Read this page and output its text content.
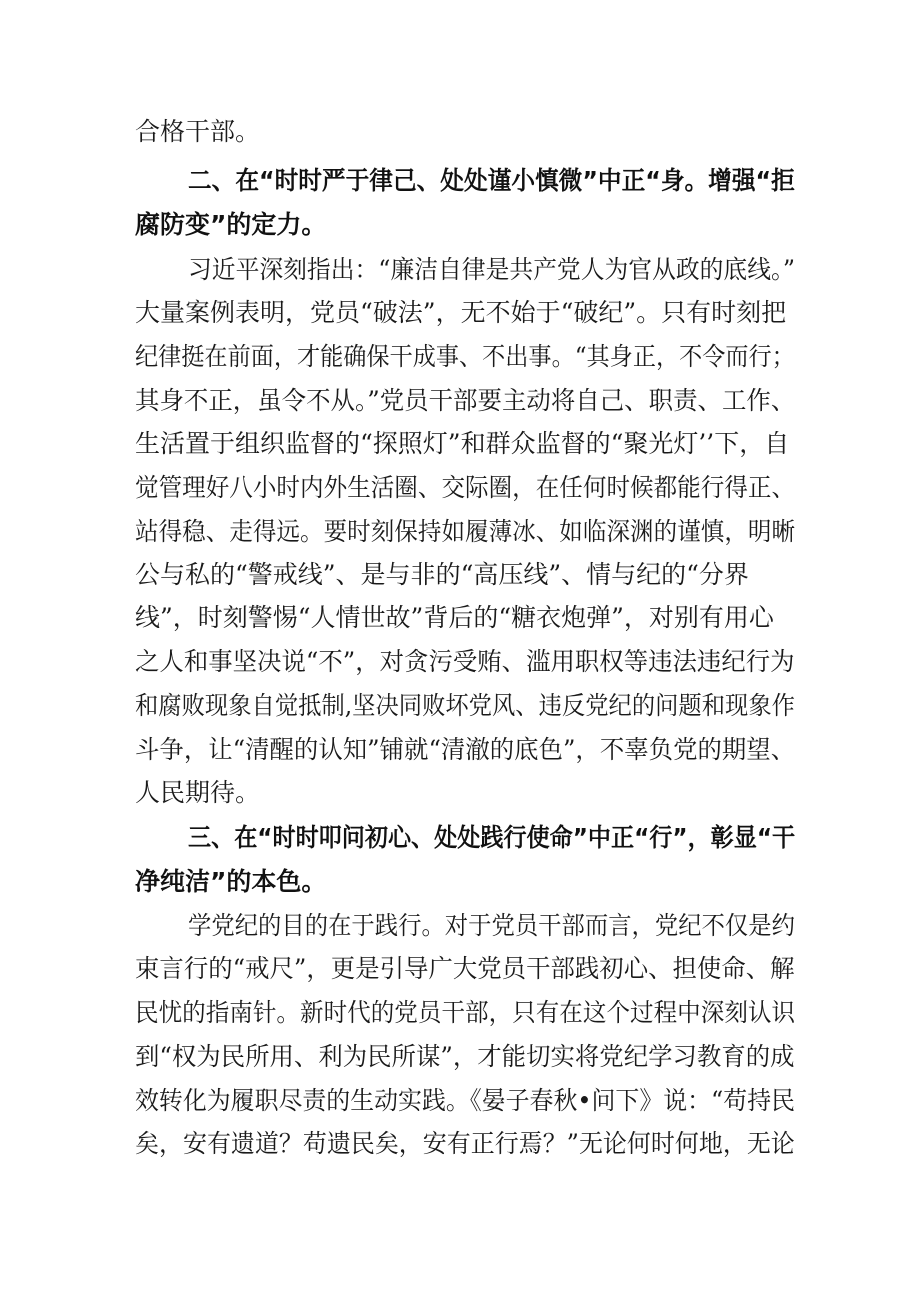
合格干部。
二、在“时时严于律己、处处谨小慎微”中正“身。增强“拒
腐防变”的定力。
习近平深刻指出：“廉洁自律是共产党人为官从政的底线。”
大量案例表明，党员“破法”，无不始于“破纪”。只有时刻把
纪律挺在前面，才能确保干成事、不出事。“其身正，不令而行；
其身不正，虽令不从。”党员干部要主动将自己、职责、工作、
生活置于组织监督的“探照灯”和群众监督的“聚光灯’’下，自
觉管理好八小时内外生活圈、交际圈，在任何时候都能行得正、
站得稳、走得远。要时刻保持如履薄冰、如临深渊的谨慎，明晰
公与私的“警戒线”、是与非的“高压线”、情与纪的“分界
线”，时刻警惕“人情世故”背后的“糖衣炮弹”，对别有用心
之人和事坚决说“不”，对贪污受贿、滥用职权等违法违纪行为
和腐败现象自觉抵制,坚决同败坏党风、违反党纪的问题和现象作
斗争，让“清醒的认知”铺就“清澈的底色”，不辜负党的期望、
人民期待。
三、在“时时叩问初心、处处践行使命”中正“行”，彰显“干
净纯洁”的本色。
学党纪的目的在于践行。对于党员干部而言，党纪不仅是约
束言行的“戒尺”，更是引导广大党员干部践初心、担使命、解
民忧的指南针。新时代的党员干部，只有在这个过程中深刻认识
到“权为民所用、利为民所谋”，才能切实将党纪学习教育的成
效转化为履职尽责的生动实践。《晏子春秋•问下》说：“苟持民
矣，安有遗道？苟遗民矣，安有正行焉？”无论何时何地，无论
